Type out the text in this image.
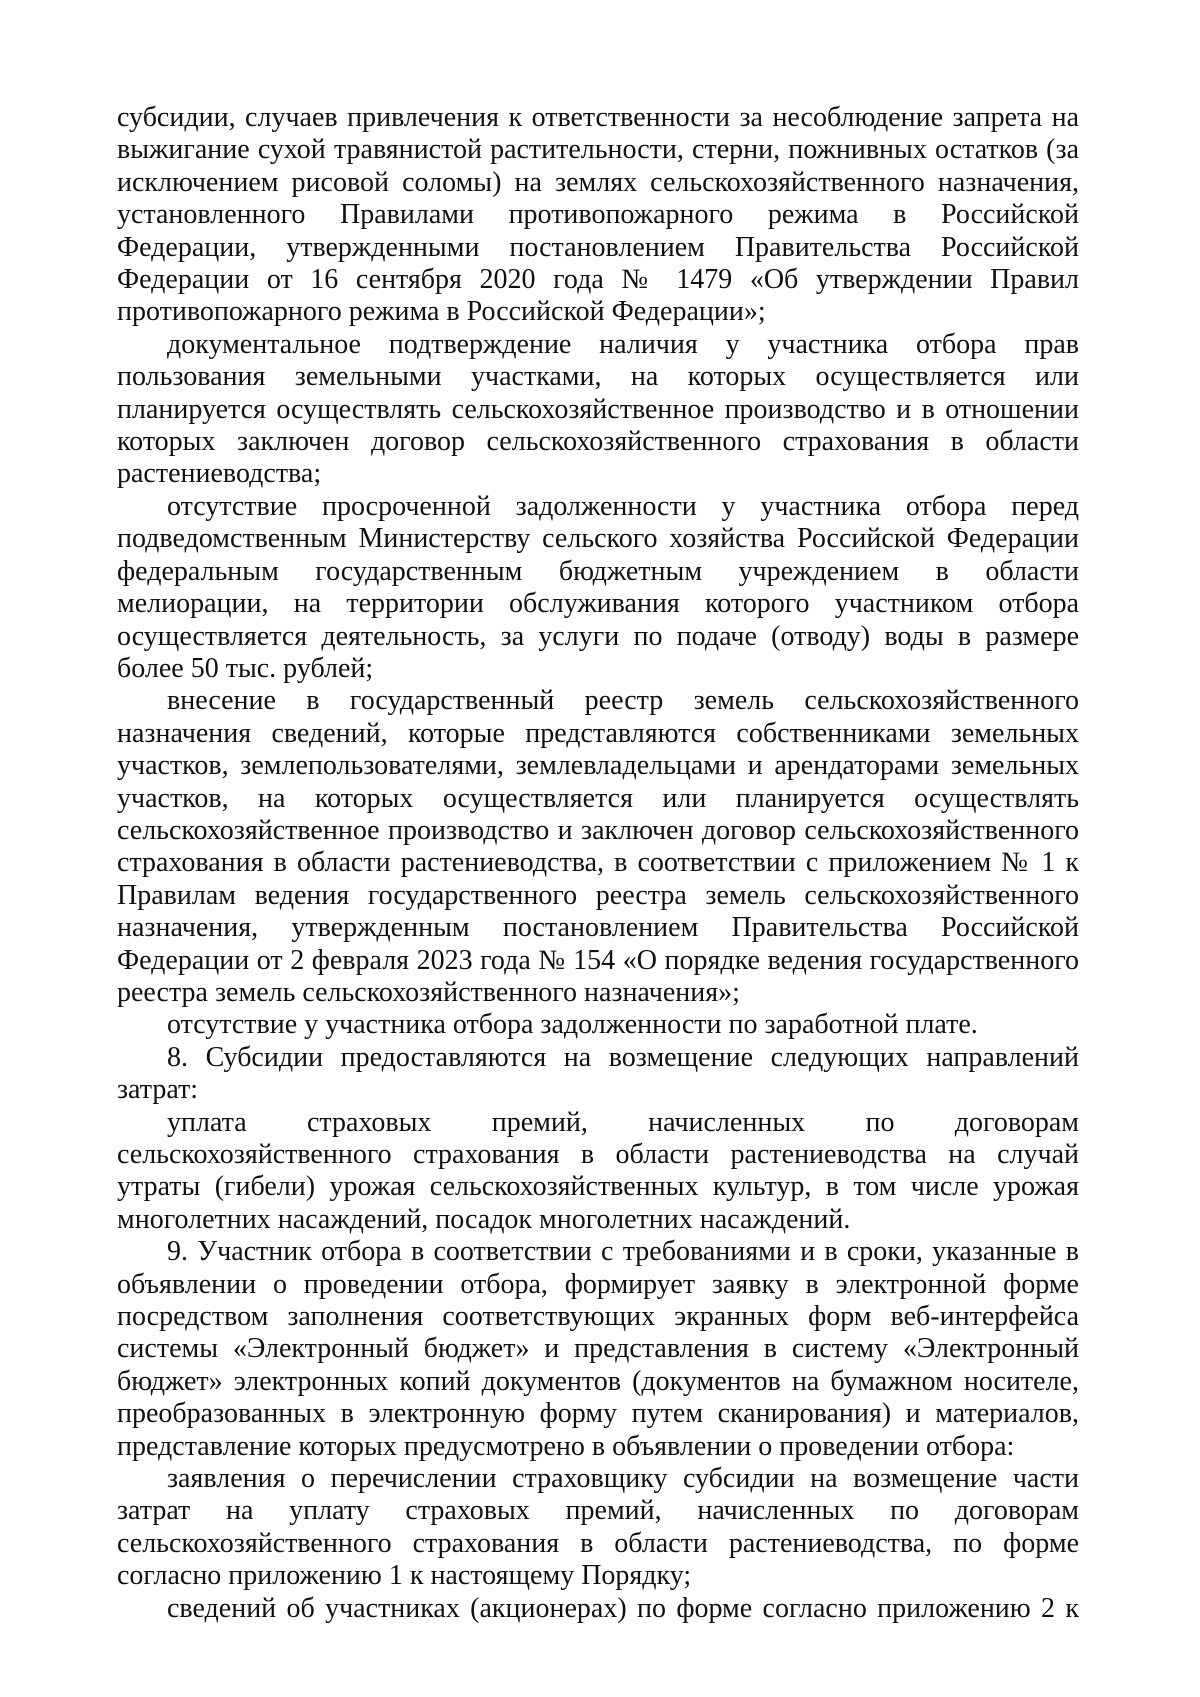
субсидии, случаев привлечения к ответственности за несоблюдение запрета на выжигание сухой травянистой растительности, стерни, пожнивных остатков (за исключением рисовой соломы) на землях сельскохозяйственного назначения, установленного Правилами противопожарного режима в Российской Федерации, утвержденными постановлением Правительства Российской Федерации от 16 сентября 2020 года № 1479 «Об утверждении Правил противопожарного режима в Российской Федерации»;

документальное подтверждение наличия у участника отбора прав пользования земельными участками, на которых осуществляется или планируется осуществлять сельскохозяйственное производство и в отношении которых заключен договор сельскохозяйственного страхования в области растениеводства;

отсутствие просроченной задолженности у участника отбора перед подведомственным Министерству сельского хозяйства Российской Федерации федеральным государственным бюджетным учреждением в области мелиорации, на территории обслуживания которого участником отбора осуществляется деятельность, за услуги по подаче (отводу) воды в размере более 50 тыс. рублей;

внесение в государственный реестр земель сельскохозяйственного назначения сведений, которые представляются собственниками земельных участков, землепользователями, землевладельцами и арендаторами земельных участков, на которых осуществляется или планируется осуществлять сельскохозяйственное производство и заключен договор сельскохозяйственного страхования в области растениеводства, в соответствии с приложением № 1 к Правилам ведения государственного реестра земель сельскохозяйственного назначения, утвержденным постановлением Правительства Российской Федерации от 2 февраля 2023 года № 154 «О порядке ведения государственного реестра земель сельскохозяйственного назначения»;

отсутствие у участника отбора задолженности по заработной плате.

8. Субсидии предоставляются на возмещение следующих направлений затрат:

уплата страховых премий, начисленных по договорам сельскохозяйственного страхования в области растениеводства на случай утраты (гибели) урожая сельскохозяйственных культур, в том числе урожая многолетних насаждений, посадок многолетних насаждений.

9. Участник отбора в соответствии с требованиями и в сроки, указанные в объявлении о проведении отбора, формирует заявку в электронной форме посредством заполнения соответствующих экранных форм веб-интерфейса системы «Электронный бюджет» и представления в систему «Электронный бюджет» электронных копий документов (документов на бумажном носителе, преобразованных в электронную форму путем сканирования) и материалов, представление которых предусмотрено в объявлении о проведении отбора:

заявления о перечислении страховщику субсидии на возмещение части затрат на уплату страховых премий, начисленных по договорам сельскохозяйственного страхования в области растениеводства, по форме согласно приложению 1 к настоящему Порядку;

сведений об участниках (акционерах) по форме согласно приложению 2 к
